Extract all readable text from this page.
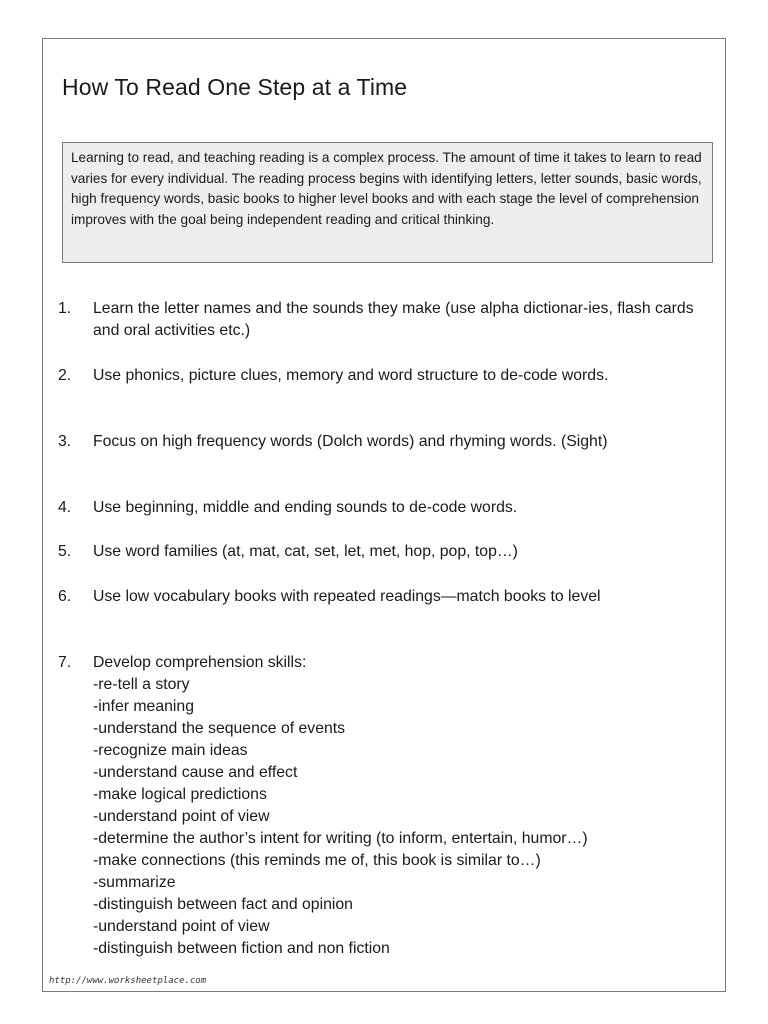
How To Read One Step at a Time
Learning to read, and teaching reading is a complex process. The amount of time it takes to learn to read varies for every individual. The reading process begins with identifying letters, letter sounds, basic words, high frequency words, basic books to higher level books and with each stage the level of comprehension improves with the goal being independent reading and critical thinking.
1.	Learn the letter names and the sounds they make (use alpha dictionar-ies, flash cards and oral activities etc.)
2.	Use phonics, picture clues, memory and word structure to de-code words.
3.	Focus on high frequency words (Dolch words) and rhyming words. (Sight)
4.	Use beginning, middle and ending sounds to de-code words.
5.	Use word families (at, mat, cat, set, let, met, hop, pop, top…)
6.	Use low vocabulary books with repeated readings—match books to level
7.	Develop comprehension skills:
-re-tell a story
-infer meaning
-understand the sequence of events
-recognize main ideas
-understand cause and effect
-make logical predictions
-understand point of view
-determine the author’s intent for writing (to inform, entertain, humor…)
-make connections (this reminds me of, this book is similar to…)
-summarize
-distinguish between fact and opinion
-understand point of view
-distinguish between fiction and non fiction
http://www.worksheetplace.com
